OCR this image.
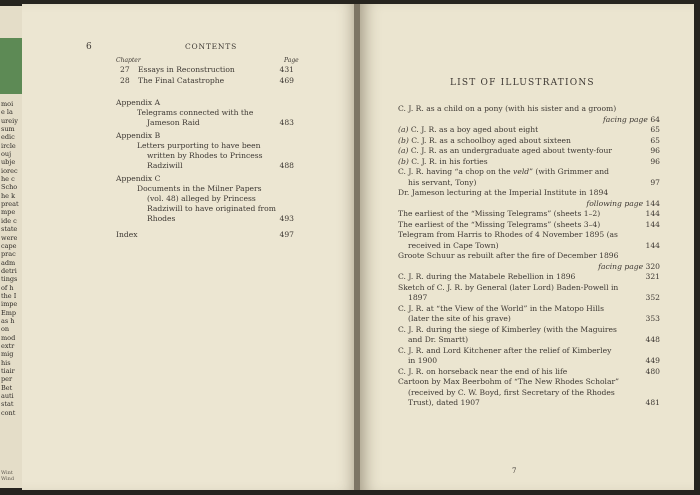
moi
e la
ureiy
sum
edic
ircle
ouj
ubje
iorec
he c
Scho
he k
preat
mpe
ide c
state
were
cape
prac
adm
detri
tings
of h
the I
impe
Emp
as h
on
mod
extr
mig
his
tiair
per
Bet
auti
stat
cont
Wint
Wind
6	CONTENTS
Chapter	Page
27 Essays in Reconstruction	431
28 The Final Catastrophe	469
Appendix A
Telegrams connected with the
Jameson Raid	483
Appendix B
Letters purporting to have been
written by Rhodes to Princess
Radziwill	488
Appendix C
Documents in the Milner Papers
(vol. 48) alleged by Princess
Radziwill to have originated from
Rhodes	493
Index	497
LIST OF ILLUSTRATIONS
C. J. R. as a child on a pony (with his sister and a groom)
facing page 64
(a) C. J. R. as a boy aged about eight	65
(b) C. J. R. as a schoolboy aged about sixteen	65
(a) C. J. R. as an undergraduate aged about twenty-four	96
(b) C. J. R. in his forties	96
C. J. R. having “a chop on the veld” (with Grimmer and
his servant, Tony)	97
Dr. Jameson lecturing at the Imperial Institute in 1894
following page 144
The earliest of the “Missing Telegrams” (sheets 1–2)	144
The earliest of the “Missing Telegrams” (sheets 3–4)	144
Telegram from Harris to Rhodes of 4 November 1895 (as
received in Cape Town)	144
Groote Schuur as rebuilt after the fire of December 1896
facing page 320
C. J. R. during the Matabele Rebellion in 1896	321
Sketch of C. J. R. by General (later Lord) Baden-Powell in
1897	352
C. J. R. at “the View of the World” in the Matopo Hills
(later the site of his grave)	353
C. J. R. during the siege of Kimberley (with the Maguires
and Dr. Smartt)	448
C. J. R. and Lord Kitchener after the relief of Kimberley
in 1900	449
C. J. R. on horseback near the end of his life	480
Cartoon by Max Beerbohm of “The New Rhodes Scholar”
(received by C. W. Boyd, first Secretary of the Rhodes
Trust), dated 1907	481
7
